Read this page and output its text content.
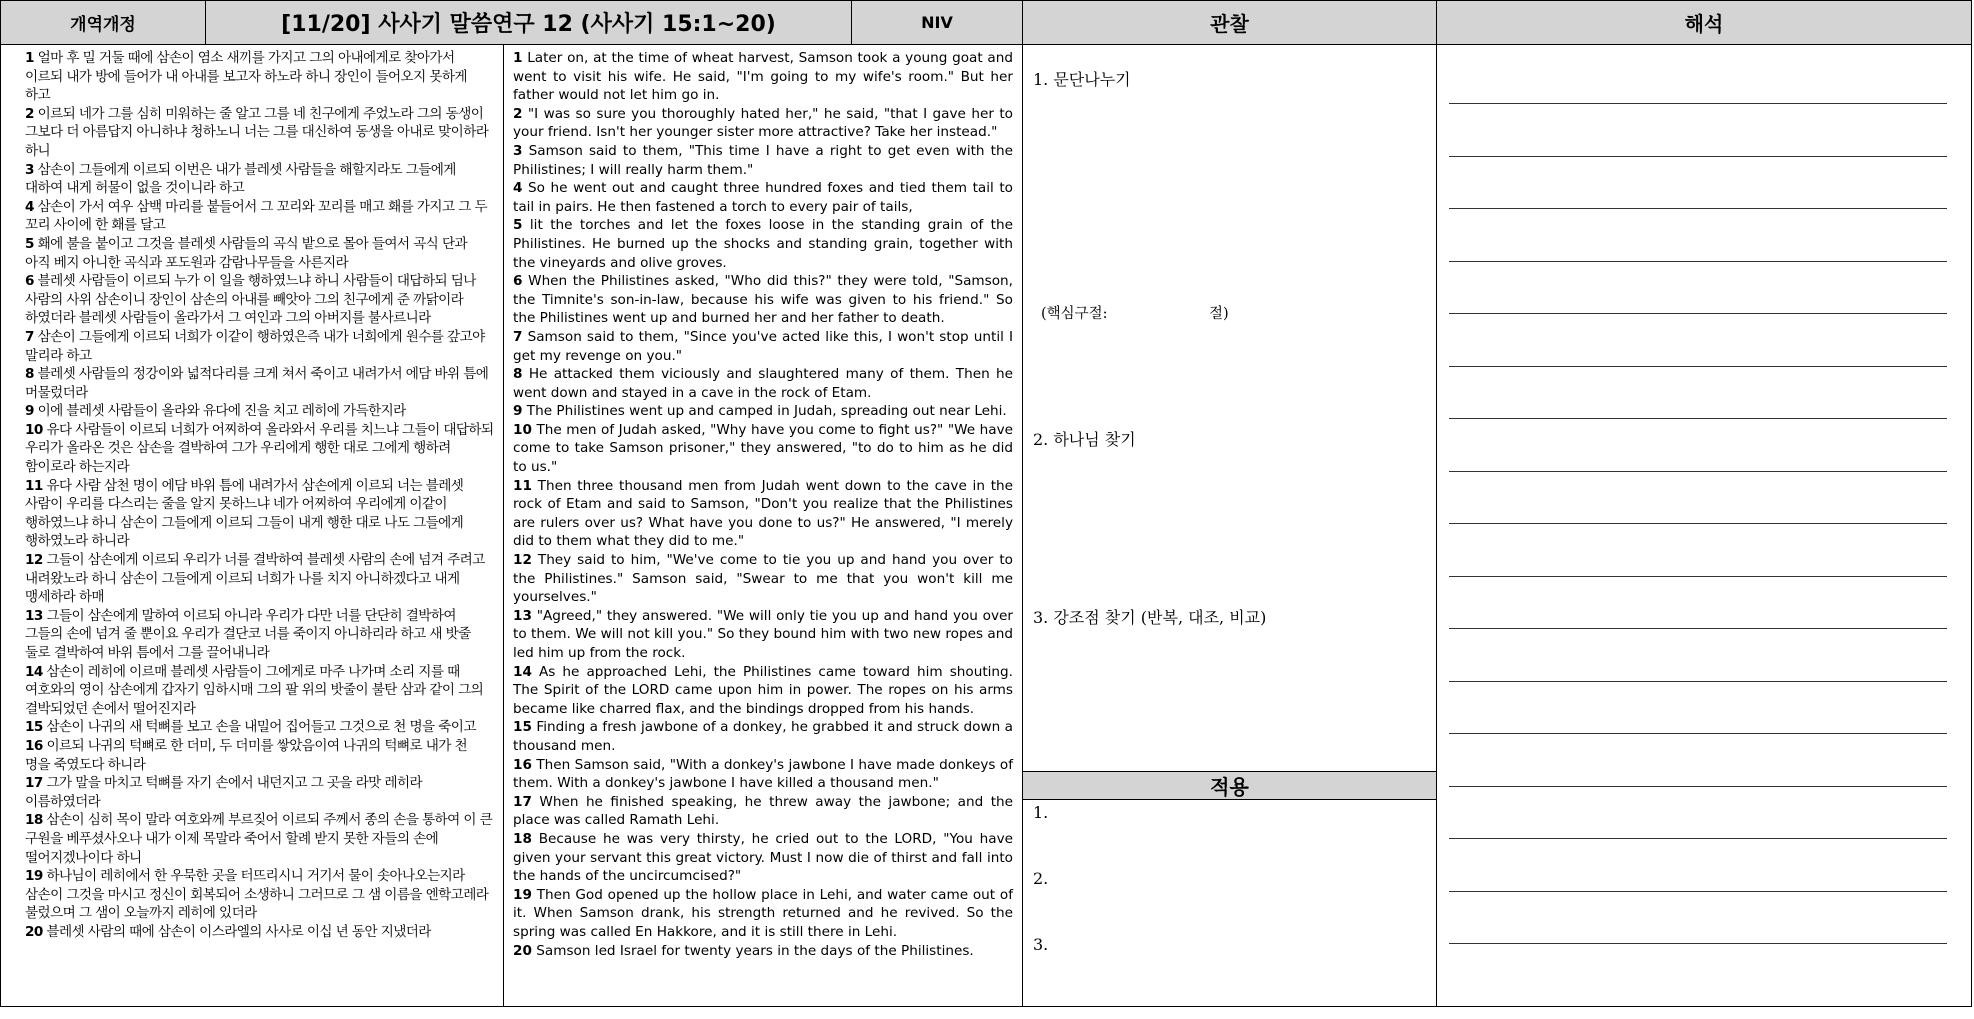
개역개정	[11/20] 사사기 말씀연구 12 (사사기 15:1~20)	NIV	관찰	해석

1 얼마 후 밀 거둘 때에 삼손이 염소 새끼를 가지고 그의 아내에게로 찾아가서 이르되 내가 방에 들어가 내 아내를 보고자 하노라 하니 장인이 들어오지 못하게 하고

2 이르되 네가 그를 심히 미워하는 줄 알고 그를 네 친구에게 주었노라 그의 동생이 그보다 더 아름답지 아니하냐 청하노니 너는 그를 대신하여 동생을 아내로 맞이하라 하니

3 삼손이 그들에게 이르되 이번은 내가 블레셋 사람들을 해할지라도 그들에게 대하여 내게 허물이 없을 것이니라 하고

4 삼손이 가서 여우 삼백 마리를 붙들어서 그 꼬리와 꼬리를 매고 홰를 가지고 그 두 꼬리 사이에 한 홰를 달고

5 홰에 불을 붙이고 그것을 블레셋 사람들의 곡식 밭으로 몰아 들여서 곡식 단과 아직 베지 아니한 곡식과 포도원과 감람나무들을 사른지라

6 블레셋 사람들이 이르되 누가 이 일을 행하였느냐 하니 사람들이 대답하되 딤나 사람의 사위 삼손이니 장인이 삼손의 아내를 빼앗아 그의 친구에게 준 까닭이라 하였더라 블레셋 사람들이 올라가서 그 여인과 그의 아버지를 불사르니라

7 삼손이 그들에게 이르되 너희가 이같이 행하였은즉 내가 너희에게 원수를 갚고야 말리라 하고

8 블레셋 사람들의 정강이와 넓적다리를 크게 쳐서 죽이고 내려가서 에담 바위 틈에 머물렀더라

9 이에 블레셋 사람들이 올라와 유다에 진을 치고 레히에 가득한지라

10 유다 사람들이 이르되 너희가 어찌하여 올라와서 우리를 치느냐 그들이 대답하되 우리가 올라온 것은 삼손을 결박하여 그가 우리에게 행한 대로 그에게 행하려 함이로라 하는지라

11 유다 사람 삼천 명이 에담 바위 틈에 내려가서 삼손에게 이르되 너는 블레셋 사람이 우리를 다스리는 줄을 알지 못하느냐 네가 어찌하여 우리에게 이같이 행하였느냐 하니 삼손이 그들에게 이르되 그들이 내게 행한 대로 나도 그들에게 행하였노라 하니라

12 그들이 삼손에게 이르되 우리가 너를 결박하여 블레셋 사람의 손에 넘겨 주려고 내려왔노라 하니 삼손이 그들에게 이르되 너희가 나를 치지 아니하겠다고 내게 맹세하라 하매

13 그들이 삼손에게 말하여 이르되 아니라 우리가 다만 너를 단단히 결박하여 그들의 손에 넘겨 줄 뿐이요 우리가 결단코 너를 죽이지 아니하리라 하고 새 밧줄 둘로 결박하여 바위 틈에서 그를 끌어내니라

14 삼손이 레히에 이르매 블레셋 사람들이 그에게로 마주 나가며 소리 지를 때 여호와의 영이 삼손에게 갑자기 임하시매 그의 팔 위의 밧줄이 불탄 삼과 같이 그의 결박되었던 손에서 떨어진지라

15 삼손이 나귀의 새 턱뼈를 보고 손을 내밀어 집어들고 그것으로 천 명을 죽이고

16 이르되 나귀의 턱뼈로 한 더미, 두 더미를 쌓았음이여 나귀의 턱뼈로 내가 천 명을 죽였도다 하니라

17 그가 말을 마치고 턱뼈를 자기 손에서 내던지고 그 곳을 라맛 레히라 이름하였더라

18 삼손이 심히 목이 말라 여호와께 부르짖어 이르되 주께서 종의 손을 통하여 이 큰 구원을 베푸셨사오나 내가 이제 목말라 죽어서 할례 받지 못한 자들의 손에 떨어지겠나이다 하니

19 하나님이 레히에서 한 우묵한 곳을 터뜨리시니 거기서 물이 솟아나오는지라 삼손이 그것을 마시고 정신이 회복되어 소생하니 그러므로 그 샘 이름을 엔학고레라 불렀으며 그 샘이 오늘까지 레히에 있더라

20 블레셋 사람의 때에 삼손이 이스라엘의 사사로 이십 년 동안 지냈더라

1 Later on, at the time of wheat harvest, Samson took a young goat and went to visit his wife. He said, "I'm going to my wife's room." But her father would not let him go in.

2 "I was so sure you thoroughly hated her," he said, "that I gave her to your friend. Isn't her younger sister more attractive? Take her instead."

3 Samson said to them, "This time I have a right to get even with the Philistines; I will really harm them."

4 So he went out and caught three hundred foxes and tied them tail to tail in pairs. He then fastened a torch to every pair of tails,

5 lit the torches and let the foxes loose in the standing grain of the Philistines. He burned up the shocks and standing grain, together with the vineyards and olive groves.

6 When the Philistines asked, "Who did this?" they were told, "Samson, the Timnite's son-in-law, because his wife was given to his friend." So the Philistines went up and burned her and her father to death.

7 Samson said to them, "Since you've acted like this, I won't stop until I get my revenge on you."

8 He attacked them viciously and slaughtered many of them. Then he went down and stayed in a cave in the rock of Etam.

9 The Philistines went up and camped in Judah, spreading out near Lehi.

10 The men of Judah asked, "Why have you come to fight us?" "We have come to take Samson prisoner," they answered, "to do to him as he did to us."

11 Then three thousand men from Judah went down to the cave in the rock of Etam and said to Samson, "Don't you realize that the Philistines are rulers over us? What have you done to us?" He answered, "I merely did to them what they did to me."

12 They said to him, "We've come to tie you up and hand you over to the Philistines." Samson said, "Swear to me that you won't kill me yourselves."

13 "Agreed," they answered. "We will only tie you up and hand you over to them. We will not kill you." So they bound him with two new ropes and led him up from the rock.

14 As he approached Lehi, the Philistines came toward him shouting. The Spirit of the LORD came upon him in power. The ropes on his arms became like charred flax, and the bindings dropped from his hands.

15 Finding a fresh jawbone of a donkey, he grabbed it and struck down a thousand men.

16 Then Samson said, "With a donkey's jawbone I have made donkeys of them. With a donkey's jawbone I have killed a thousand men."

17 When he finished speaking, he threw away the jawbone; and the place was called Ramath Lehi.

18 Because he was very thirsty, he cried out to the LORD, "You have given your servant this great victory. Must I now die of thirst and fall into the hands of the uncircumcised?"

19 Then God opened up the hollow place in Lehi, and water came out of it. When Samson drank, his strength returned and he revived. So the spring was called En Hakkore, and it is still there in Lehi.

20 Samson led Israel for twenty years in the days of the Philistines.

1. 문단나누기
(핵심구절:	절)
2. 하나님 찾기
3. 강조점 찾기 (반복, 대조, 비교)
적용
1.
2.
3.
